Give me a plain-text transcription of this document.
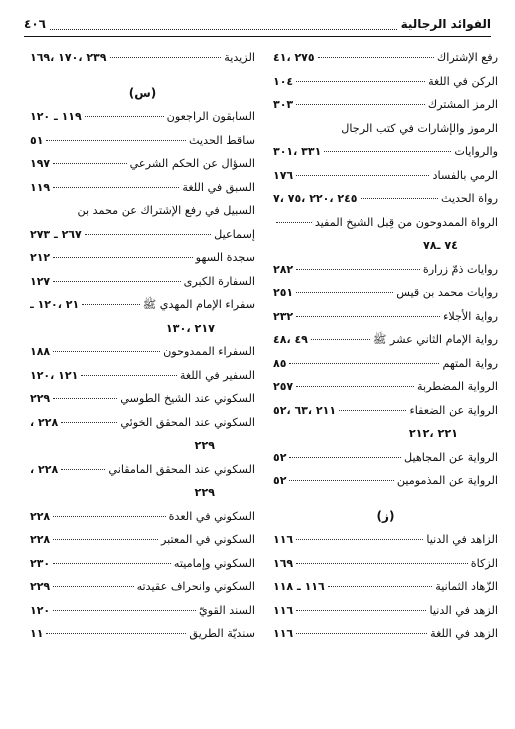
الفوائد الرجالية
٤٠٦
رفع الإشتراك
٢٧٥ ،٤١
الركن في اللغة
١٠٤
الرمز المشترك
٣٠٣
الرموز والإشارات في كتب الرجال
والروايات
٣٣١ ،٣٠١
الرمي بالفساد
١٧٦
رواة الحديث
٢٤٥ ،٢٢٠ ،٧٥ ،٧
الرواة الممدوحون من قِبل الشيخ المفيد
٧٤ ـ٧٨
روايات ذمّ زرارة
٢٨٢
روايات محمد بن قيس
٢٥١
رواية الأجلاء
٢٣٢
رواية الإمام الثاني عشر ﷺ
٤٩ ،٤٨
رواية المتهم
٨٥
الرواية المضطربة
٢٥٧
الرواية عن الضعفاء
٢١١ ،٦٣ ،٥٢
٢٢١ ،٢١٢
الرواية عن المجاهيل
٥٢
الرواية عن المذمومين
٥٢
(ز)
الزاهد في الدنيا
١١٦
الزكاة
١٦٩
الزّهاد الثمانية
١١٦ ـ ١١٨
الزهد في الدنيا
١١٦
الزهد في اللغة
١١٦
الزيدية
٢٣٩ ،١٧٠ ،١٦٩
(س)
السابقون الراجعون
١١٩ ـ ١٢٠
ساقط الحديث
٥١
السؤال عن الحكم الشرعي
١٩٧
السبق في اللغة
١١٩
السبيل في رفع الإشتراك عن محمد بن
إسماعيل
٢٦٧ ـ ٢٧٣
سجدة السهو
٢١٢
السفارة الكبرى
١٢٧
سفراء الإمام المهدي ﷺ
٢١ ،١٢٠ ـ
٢١٧ ،١٣٠
السفراء الممدوحون
١٨٨
السفير في اللغة
١٢١ ،١٢٠
السكوني عند الشيخ الطوسي
٢٢٩
السكوني عند المحقق الخوئي
٢٢٨ ،
٢٢٩
السكوني عند المحقق المامقاني
٢٢٨ ،
٢٢٩
السكوني في العدة
٢٢٨
السكوني في المعتبر
٢٢٨
السكوني وإماميته
٢٣٠
السكوني وانحراف عقيدته
٢٢٩
السند القويّ
١٢٠
سنديّة الطريق
١١
